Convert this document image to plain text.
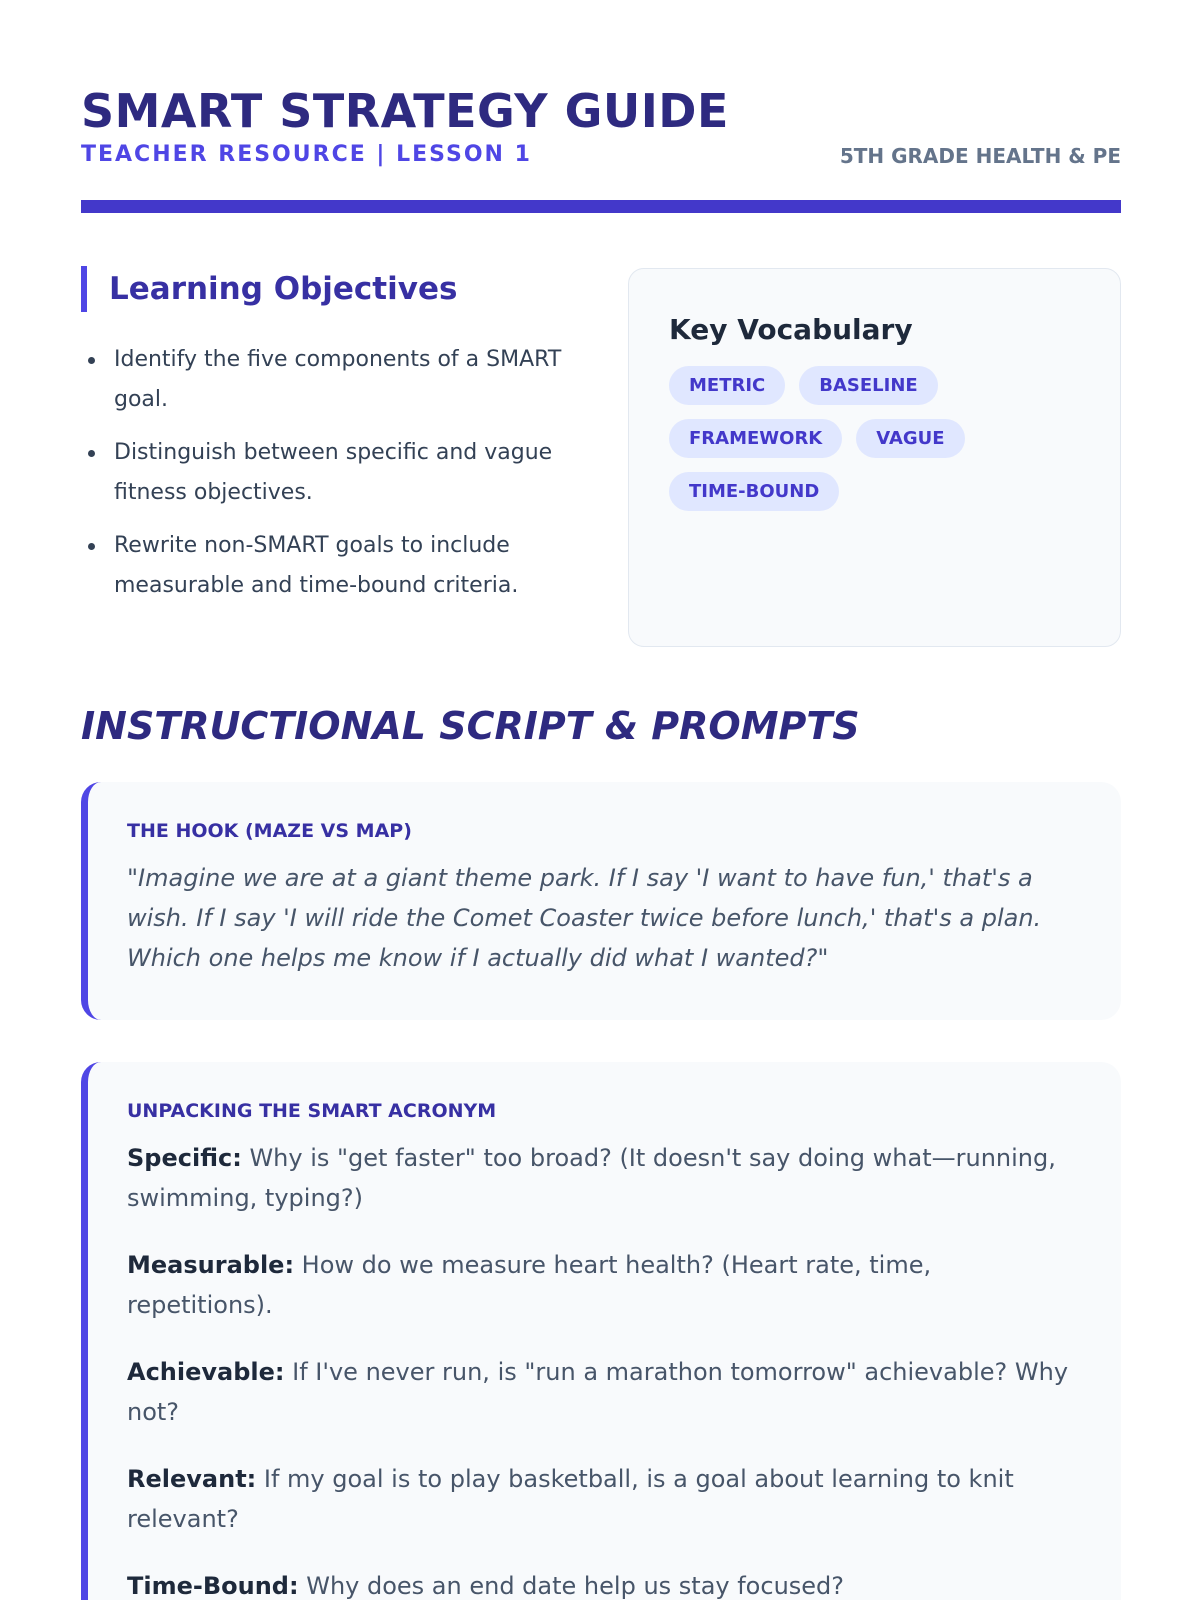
SMART STRATEGY GUIDE
TEACHER RESOURCE | LESSON 1	5TH GRADE HEALTH & PE
Learning Objectives
Identify the five components of a SMART goal.
Distinguish between specific and vague fitness objectives.
Rewrite non-SMART goals to include measurable and time-bound criteria.
Key Vocabulary
METRIC	BASELINE
FRAMEWORK	VAGUE
TIME-BOUND
INSTRUCTIONAL SCRIPT & PROMPTS
THE HOOK (MAZE VS MAP)
"Imagine we are at a giant theme park. If I say 'I want to have fun,' that's a wish. If I say 'I will ride the Comet Coaster twice before lunch,' that's a plan. Which one helps me know if I actually did what I wanted?"
UNPACKING THE SMART ACRONYM
Specific: Why is "get faster" too broad? (It doesn't say doing what—running, swimming, typing?)
Measurable: How do we measure heart health? (Heart rate, time, repetitions).
Achievable: If I've never run, is "run a marathon tomorrow" achievable? Why not?
Relevant: If my goal is to play basketball, is a goal about learning to knit relevant?
Time-Bound: Why does an end date help us stay focused?
